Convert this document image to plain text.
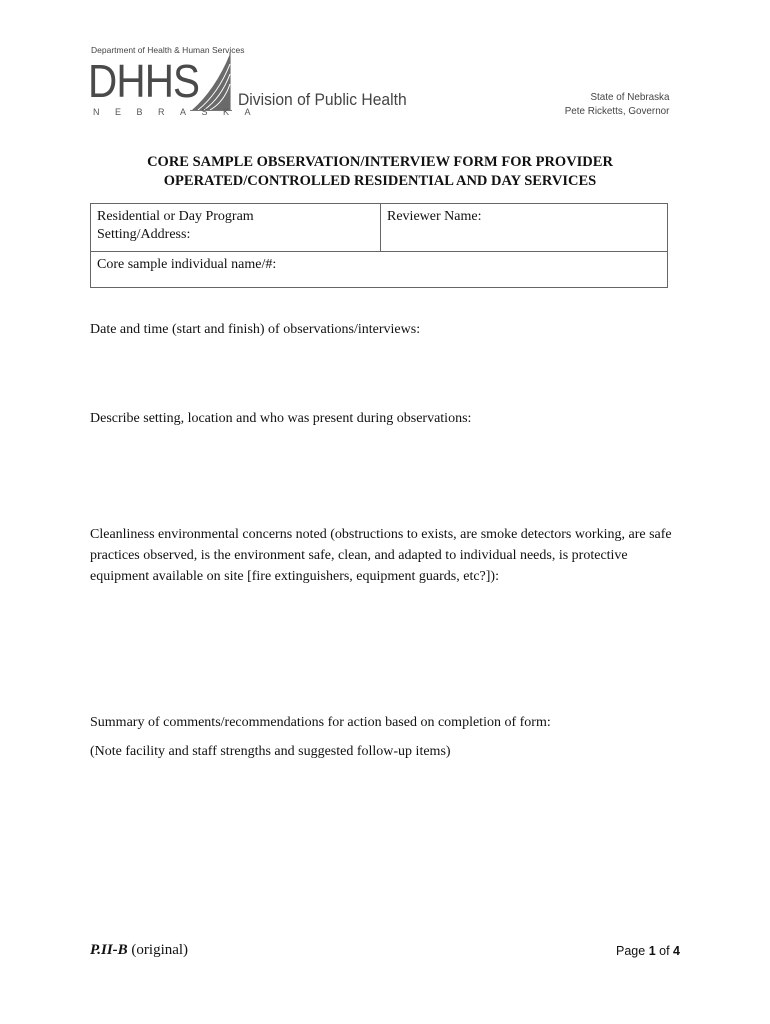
Department of Health & Human Services
DHHS
NEBRASKA
Division of Public Health	State of Nebraska
Pete Ricketts, Governor
CORE SAMPLE OBSERVATION/INTERVIEW FORM FOR PROVIDER
OPERATED/CONTROLLED RESIDENTIAL AND DAY SERVICES
Residential or Day Program
Setting/Address:
Reviewer Name:
Core sample individual name/#:
Date and time (start and finish) of observations/interviews:
Describe setting, location and who was present during observations:
Cleanliness environmental concerns noted (obstructions to exists, are smoke detectors working, are safe practices observed, is the environment safe, clean, and adapted to individual needs, is protective equipment available on site [fire extinguishers, equipment guards, etc?]):
Summary of comments/recommendations for action based on completion of form:
(Note facility and staff strengths and suggested follow-up items)
P.II-B (original)	Page 1 of 4
